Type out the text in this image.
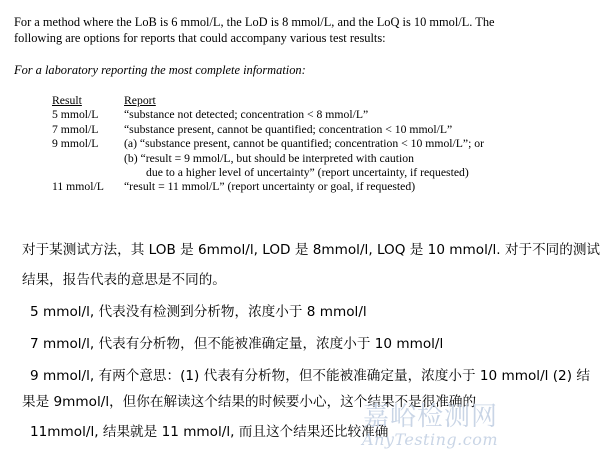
For a method where the LoB is 6 mmol/L, the LoD is 8 mmol/L, and the LoQ is 10 mmol/L. The following are options for reports that could accompany various test results:
For a laboratory reporting the most complete information:
Result	Report
5 mmol/L	“substance not detected; concentration < 8 mmol/L”
7 mmol/L	“substance present, cannot be quantified; concentration < 10 mmol/L”
9 mmol/L	(a) “substance present, cannot be quantified; concentration < 10 mmol/L”; or
(b) “result = 9 mmol/L, but should be interpreted with caution
due to a higher level of uncertainty” (report uncertainty, if requested)
11 mmol/L	“result = 11 mmol/L” (report uncertainty or goal, if requested)
对于某测试方法，其 LOB 是 6mmol/l, LOD 是 8mmol/l, LOQ 是 10 mmol/l. 对于不同的测试
结果，报告代表的意思是不同的。
5 mmol/l, 代表没有检测到分析物，浓度小于 8 mmol/l
7 mmol/l, 代表有分析物，但不能被准确定量，浓度小于 10 mmol/l
9 mmol/l, 有两个意思：(1) 代表有分析物，但不能被准确定量，浓度小于 10 mmol/l (2) 结
果是 9mmol/l，但你在解读这个结果的时候要小心，这个结果不是很准确的
11mmol/l, 结果就是 11 mmol/l, 而且这个结果还比较准确
嘉峪检测网
AnyTesting.com
